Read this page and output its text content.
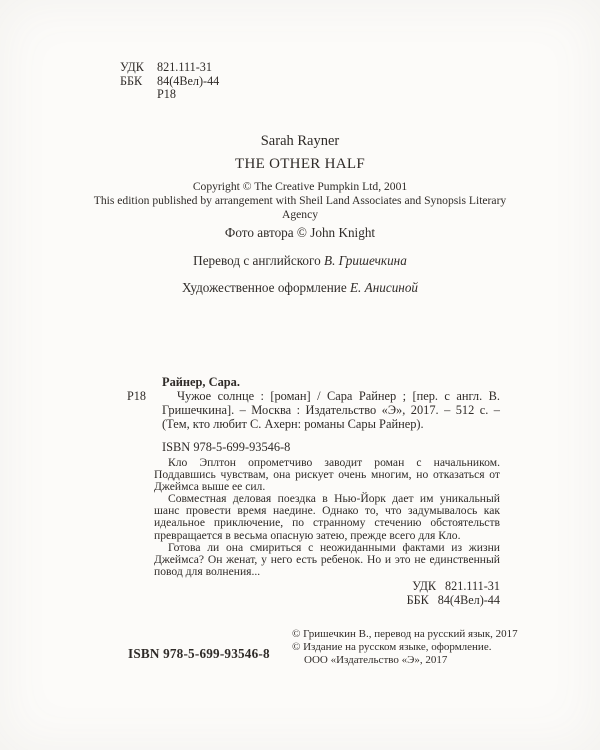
УДК	821.111-31
ББК	84(4Вел)-44
Р18
Sarah Rayner
THE OTHER HALF
Copyright © The Creative Pumpkin Ltd, 2001
This edition published by arrangement with Sheil Land Associates and Synopsis Literary Agency
Фото автора © John Knight
Перевод с английского В. Гришечкина
Художественное оформление Е. Анисиной
Р18
Райнер, Сара.
Чужое солнце : [роман] / Сара Райнер ; [пер. с англ. В. Гришечкина]. – Москва : Издательство «Э», 2017. – 512 с. – (Тем, кто любит С. Ахерн: романы Сары Райнер).
ISBN 978-5-699-93546-8

Кло Эплтон опрометчиво заводит роман с начальником. Поддавшись чувствам, она рискует очень многим, но отказаться от Джеймса выше ее сил.

Совместная деловая поездка в Нью-Йорк дает им уникальный шанс провести время наедине. Однако то, что задумывалось как идеальное приключение, по странному стечению обстоятельств превращается в весьма опасную затею, прежде всего для Кло.

Готова ли она смириться с неожиданными фактами из жизни Джеймса? Он женат, у него есть ребенок. Но и это не единственный повод для волнения...

УДК 821.111-31
ББК 84(4Вел)-44
ISBN 978-5-699-93546-8
© Гришечкин В., перевод на русский язык, 2017
© Издание на русском языке, оформление.
ООО «Издательство «Э», 2017
